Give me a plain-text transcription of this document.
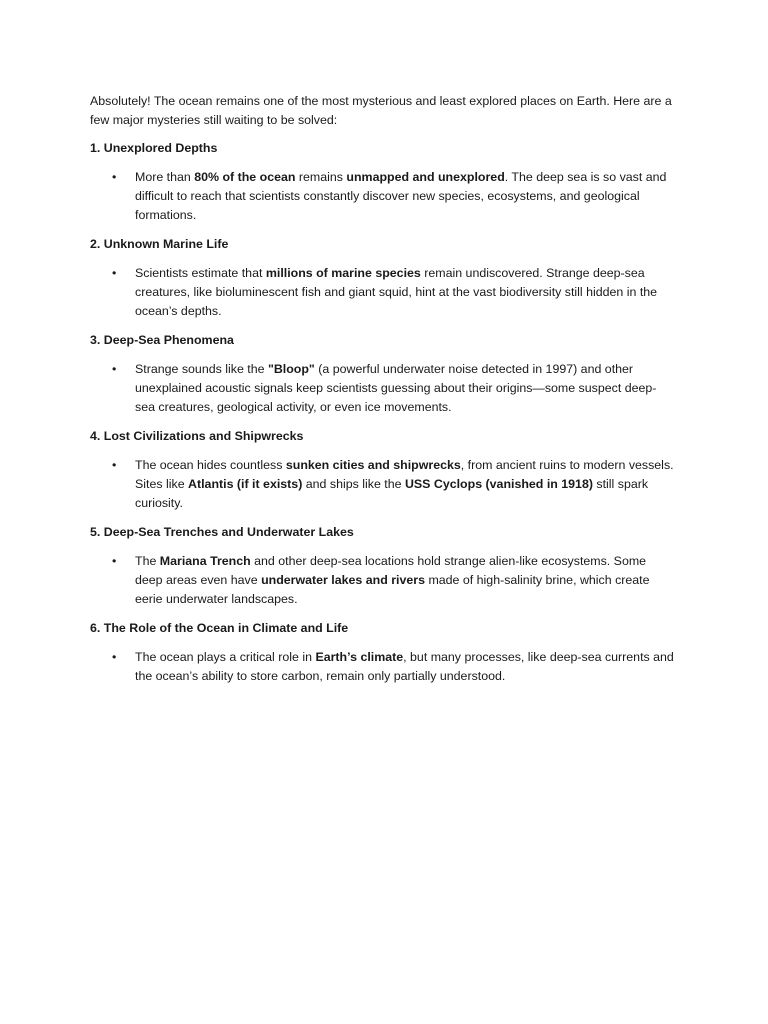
Absolutely! The ocean remains one of the most mysterious and least explored places on Earth. Here are a few major mysteries still waiting to be solved:

1. Unexplored Depths

• More than 80% of the ocean remains unmapped and unexplored. The deep sea is so vast and difficult to reach that scientists constantly discover new species, ecosystems, and geological formations.

2. Unknown Marine Life

• Scientists estimate that millions of marine species remain undiscovered. Strange deep-sea creatures, like bioluminescent fish and giant squid, hint at the vast biodiversity still hidden in the ocean’s depths.

3. Deep-Sea Phenomena

• Strange sounds like the "Bloop" (a powerful underwater noise detected in 1997) and other unexplained acoustic signals keep scientists guessing about their origins—some suspect deep-sea creatures, geological activity, or even ice movements.

4. Lost Civilizations and Shipwrecks

• The ocean hides countless sunken cities and shipwrecks, from ancient ruins to modern vessels. Sites like Atlantis (if it exists) and ships like the USS Cyclops (vanished in 1918) still spark curiosity.

5. Deep-Sea Trenches and Underwater Lakes

• The Mariana Trench and other deep-sea locations hold strange alien-like ecosystems. Some deep areas even have underwater lakes and rivers made of high-salinity brine, which create eerie underwater landscapes.

6. The Role of the Ocean in Climate and Life

• The ocean plays a critical role in Earth’s climate, but many processes, like deep-sea currents and the ocean’s ability to store carbon, remain only partially understood.
